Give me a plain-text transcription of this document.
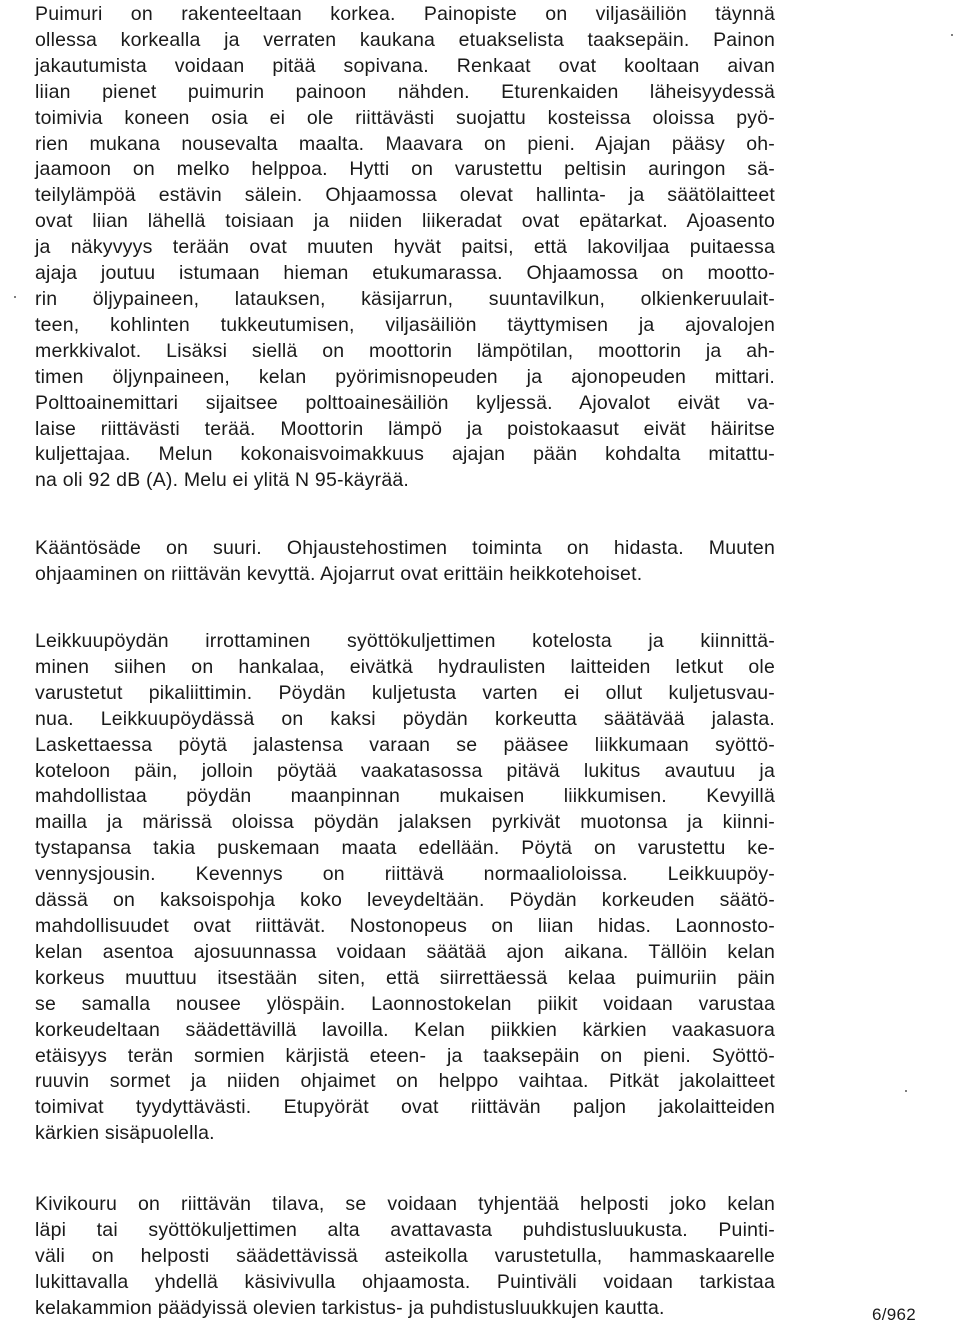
Puimuri on rakenteeltaan korkea. Painopiste on viljasäiliön täynnä
ollessa korkealla ja verraten kaukana etuakselista taaksepäin. Painon
jakautumista voidaan pitää sopivana. Renkaat ovat kooltaan aivan
liian pienet puimurin painoon nähden. Eturenkaiden läheisyydessä
toimivia koneen osia ei ole riittävästi suojattu kosteissa oloissa pyö-
rien mukana nousevalta maalta. Maavara on pieni. Ajajan pääsy oh-
jaamoon on melko helppoa. Hytti on varustettu peltisin auringon sä-
teilylämpöä estävin sälein. Ohjaamossa olevat hallinta- ja säätölaitteet
ovat liian lähellä toisiaan ja niiden liikeradat ovat epätarkat. Ajoasento
ja näkyvyys terään ovat muuten hyvät paitsi, että lakoviljaa puitaessa
ajaja joutuu istumaan hieman etukumarassa. Ohjaamossa on mootto-
rin öljypaineen, latauksen, käsijarrun, suuntavilkun, olkienkeruulait-
teen, kohlinten tukkeutumisen, viljasäiliön täyttymisen ja ajovalojen
merkkivalot. Lisäksi siellä on moottorin lämpötilan, moottorin ja ah-
timen öljynpaineen, kelan pyörimisnopeuden ja ajonopeuden mittari.
Polttoainemittari sijaitsee polttoainesäiliön kyljessä. Ajovalot eivät va-
laise riittävästi terää. Moottorin lämpö ja poistokaasut eivät häiritse
kuljettajaa. Melun kokonaisvoimakkuus ajajan pään kohdalta mitattu-
na oli 92 dB (A). Melu ei ylitä N 95-käyrää.
Kääntösäde on suuri. Ohjaustehostimen toiminta on hidasta. Muuten
ohjaaminen on riittävän kevyttä. Ajojarrut ovat erittäin heikkotehoiset.
Leikkuupöydän irrottaminen syöttökuljettimen kotelosta ja kiinnittä-
minen siihen on hankalaa, eivätkä hydraulisten laitteiden letkut ole
varustetut pikaliittimin. Pöydän kuljetusta varten ei ollut kuljetusvau-
nua. Leikkuupöydässä on kaksi pöydän korkeutta säätävää jalasta.
Laskettaessa pöytä jalastensa varaan se pääsee liikkumaan syöttö-
koteloon päin, jolloin pöytää vaakatasossa pitävä lukitus avautuu ja
mahdollistaa pöydän maanpinnan mukaisen liikkumisen. Kevyillä
mailla ja märissä oloissa pöydän jalaksen pyrkivät muotonsa ja kiinni-
tystapansa takia puskemaan maata edellään. Pöytä on varustettu ke-
vennysjousin. Kevennys on riittävä normaalioloissa. Leikkuupöy-
dässä on kaksoispohja koko leveydeltään. Pöydän korkeuden säätö-
mahdollisuudet ovat riittävät. Nostonopeus on liian hidas. Laonnosto-
kelan asentoa ajosuunnassa voidaan säätää ajon aikana. Tällöin kelan
korkeus muuttuu itsestään siten, että siirrettäessä kelaa puimuriin päin
se samalla nousee ylöspäin. Laonnostokelan piikit voidaan varustaa
korkeudeltaan säädettävillä lavoilla. Kelan piikkien kärkien vaakasuora
etäisyys terän sormien kärjistä eteen- ja taaksepäin on pieni. Syöttö-
ruuvin sormet ja niiden ohjaimet on helppo vaihtaa. Pitkät jakolaitteet
toimivat tyydyttävästi. Etupyörät ovat riittävän paljon jakolaitteiden
kärkien sisäpuolella.
Kivikouru on riittävän tilava, se voidaan tyhjentää helposti joko kelan
läpi tai syöttökuljettimen alta avattavasta puhdistusluukusta. Puinti-
väli on helposti säädettävissä asteikolla varustetulla, hammaskaarelle
lukittavalla yhdellä käsivivulla ohjaamosta. Puintiväli voidaan tarkistaa
kelakammion päädyissä olevien tarkistus- ja puhdistusluukkujen kautta.	6/962
